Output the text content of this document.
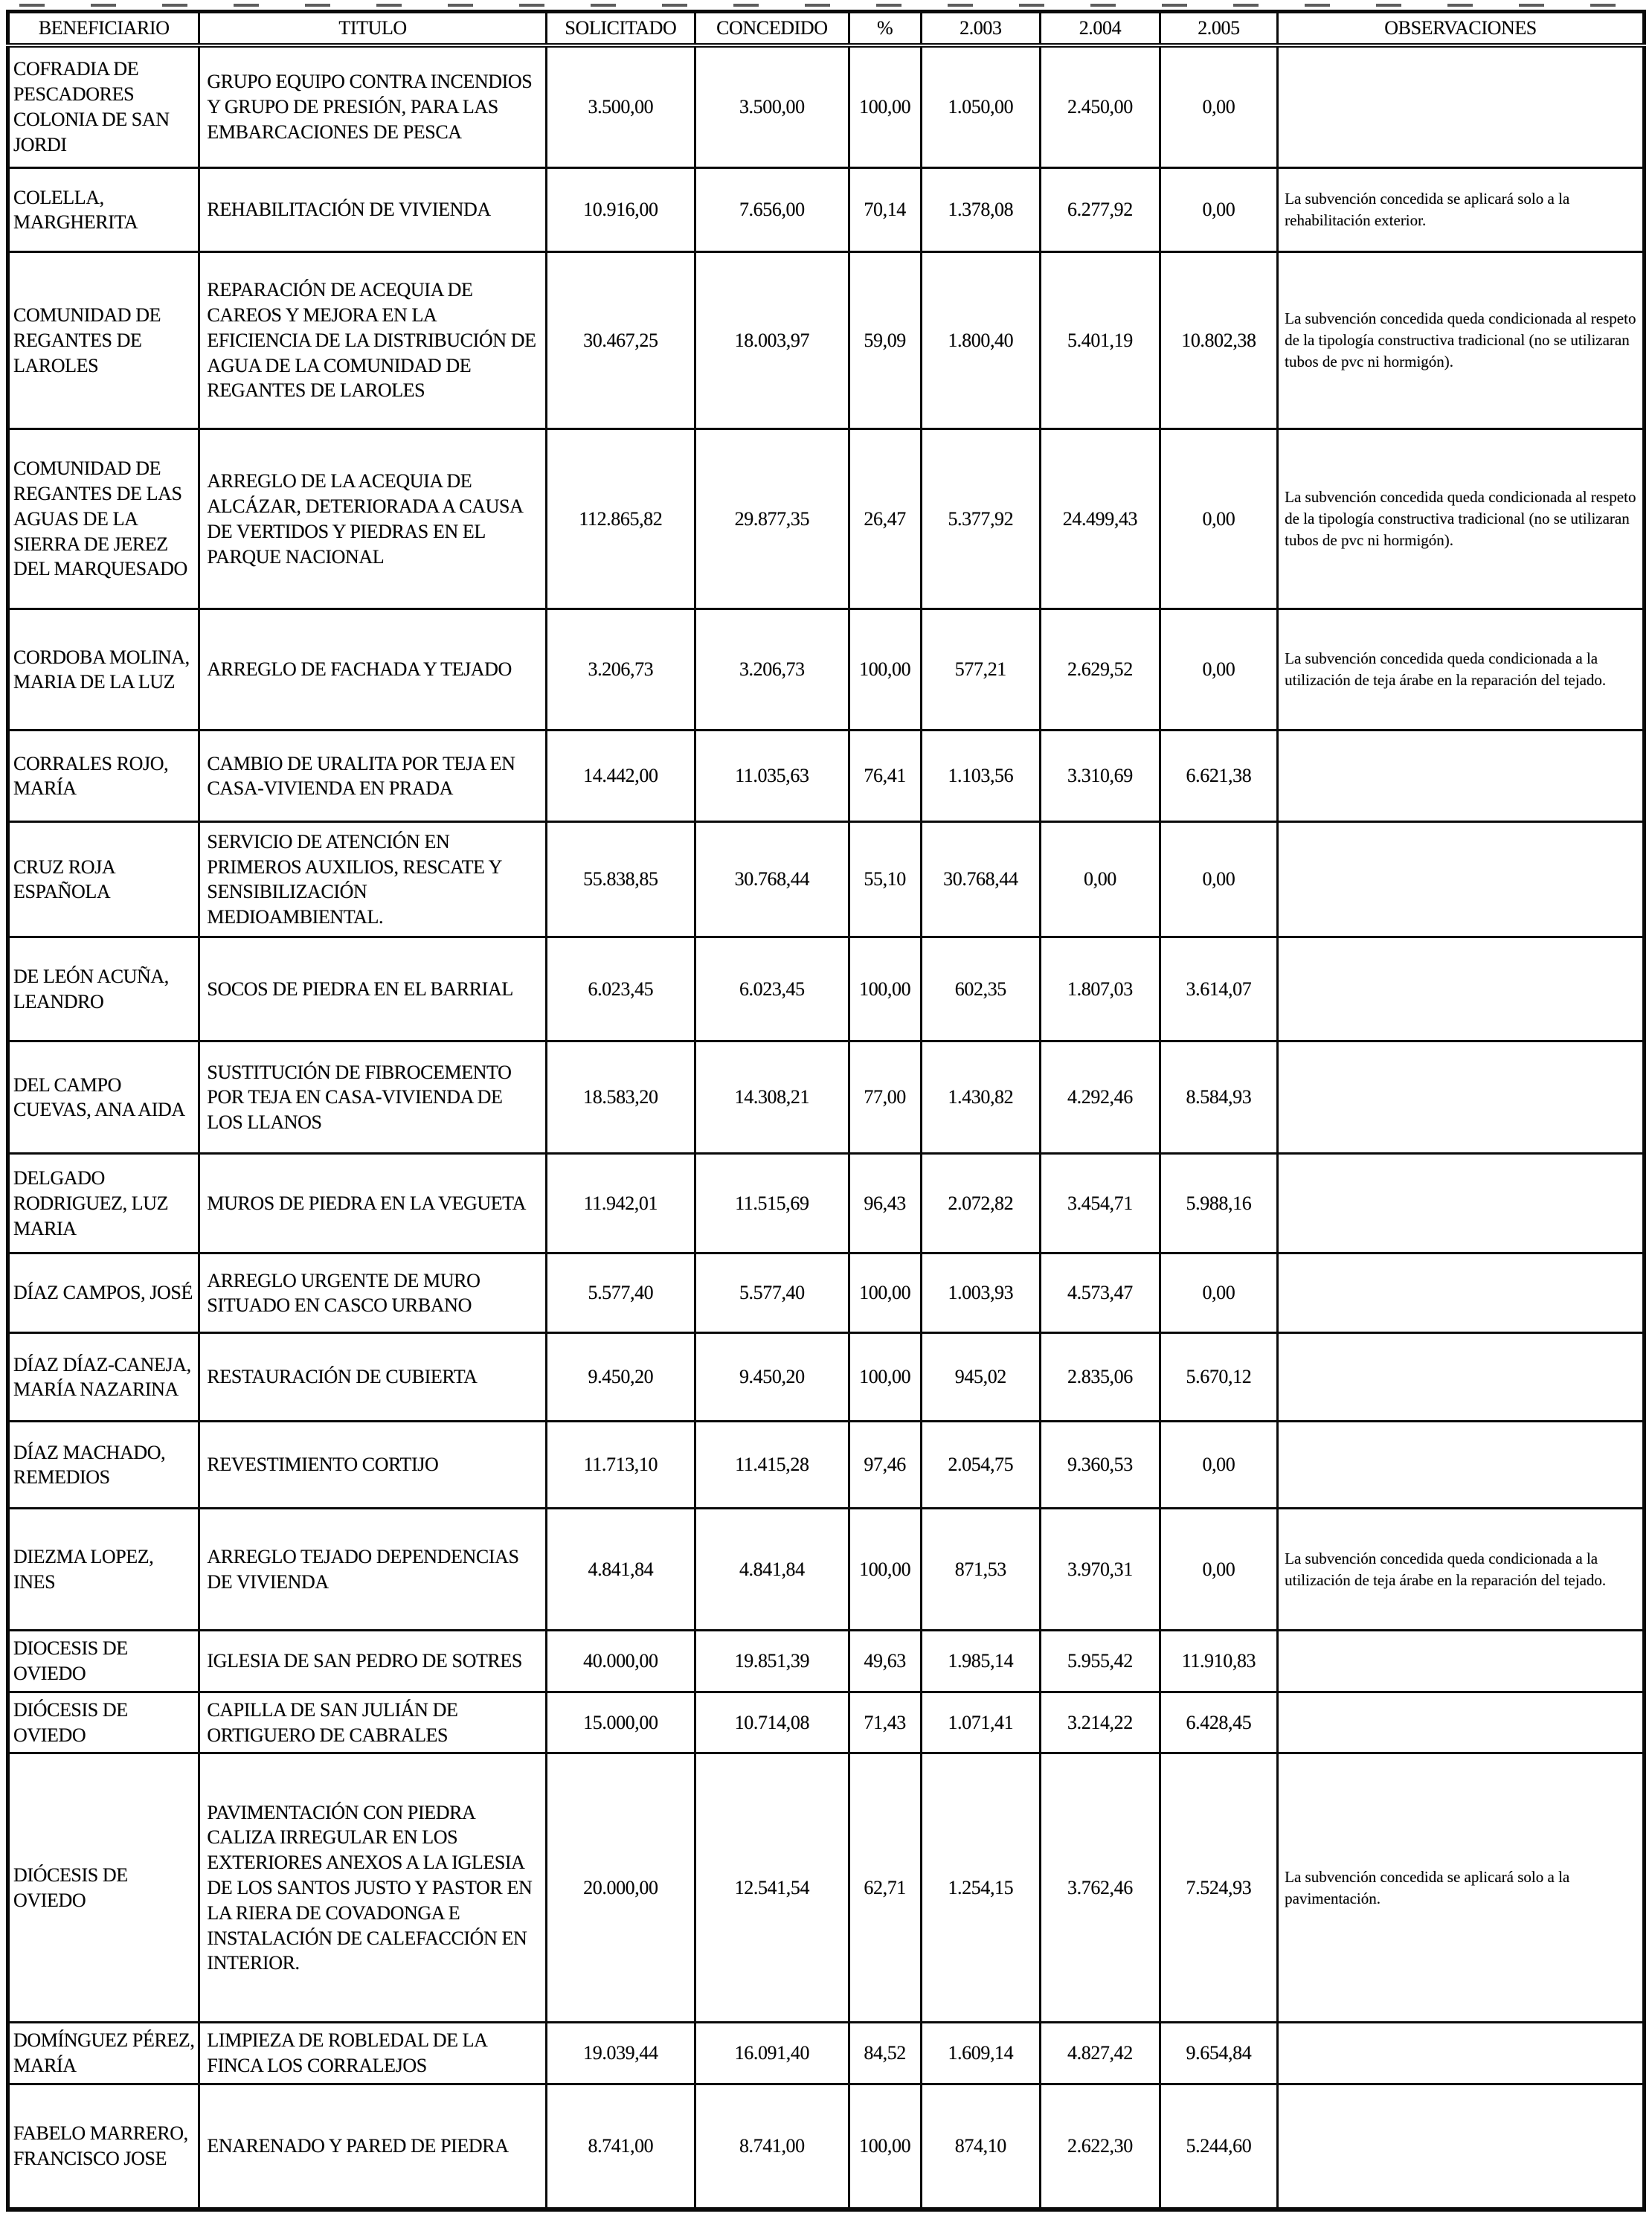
BENEFICIARIO	TITULO	SOLICITADO	CONCEDIDO	%	2.003	2.004	2.005	OBSERVACIONES
COFRADIA DE PESCADORES COLONIA DE SAN JORDI	GRUPO EQUIPO CONTRA INCENDIOS Y GRUPO DE PRESIÓN, PARA LAS EMBARCACIONES DE PESCA	3.500,00	3.500,00	100,00	1.050,00	2.450,00	0,00	
COLELLA, MARGHERITA	REHABILITACIÓN DE VIVIENDA	10.916,00	7.656,00	70,14	1.378,08	6.277,92	0,00	La subvención concedida se aplicará solo a la rehabilitación exterior.
COMUNIDAD DE REGANTES DE LAROLES	REPARACIÓN DE ACEQUIA DE CAREOS Y MEJORA EN LA EFICIENCIA DE LA DISTRIBUCIÓN DE AGUA DE LA COMUNIDAD DE REGANTES DE LAROLES	30.467,25	18.003,97	59,09	1.800,40	5.401,19	10.802,38	La subvención concedida queda condicionada al respeto de la tipología constructiva tradicional (no se utilizaran tubos de pvc ni hormigón).
COMUNIDAD DE REGANTES DE LAS AGUAS DE LA SIERRA DE JEREZ DEL MARQUESADO	ARREGLO DE LA ACEQUIA DE ALCÁZAR, DETERIORADA A CAUSA DE VERTIDOS Y PIEDRAS EN EL PARQUE NACIONAL	112.865,82	29.877,35	26,47	5.377,92	24.499,43	0,00	La subvención concedida queda condicionada al respeto de la tipología constructiva tradicional (no se utilizaran tubos de pvc ni hormigón).
CORDOBA MOLINA, MARIA DE LA LUZ	ARREGLO DE FACHADA Y TEJADO	3.206,73	3.206,73	100,00	577,21	2.629,52	0,00	La subvención concedida queda condicionada a la utilización de teja árabe en la reparación del tejado.
CORRALES ROJO, MARÍA	CAMBIO DE URALITA POR TEJA EN CASA-VIVIENDA EN PRADA	14.442,00	11.035,63	76,41	1.103,56	3.310,69	6.621,38	
CRUZ ROJA ESPAÑOLA	SERVICIO DE ATENCIÓN EN PRIMEROS AUXILIOS, RESCATE Y SENSIBILIZACIÓN MEDIOAMBIENTAL.	55.838,85	30.768,44	55,10	30.768,44	0,00	0,00	
DE LEÓN ACUÑA, LEANDRO	SOCOS DE PIEDRA EN EL BARRIAL	6.023,45	6.023,45	100,00	602,35	1.807,03	3.614,07	
DEL CAMPO CUEVAS, ANA AIDA	SUSTITUCIÓN DE FIBROCEMENTO POR TEJA EN CASA-VIVIENDA DE LOS LLANOS	18.583,20	14.308,21	77,00	1.430,82	4.292,46	8.584,93	
DELGADO RODRIGUEZ, LUZ MARIA	MUROS DE PIEDRA EN LA VEGUETA	11.942,01	11.515,69	96,43	2.072,82	3.454,71	5.988,16	
DÍAZ CAMPOS, JOSÉ	ARREGLO URGENTE DE MURO SITUADO EN CASCO URBANO	5.577,40	5.577,40	100,00	1.003,93	4.573,47	0,00	
DÍAZ DÍAZ-CANEJA, MARÍA NAZARINA	RESTAURACIÓN DE CUBIERTA	9.450,20	9.450,20	100,00	945,02	2.835,06	5.670,12	
DÍAZ MACHADO, REMEDIOS	REVESTIMIENTO CORTIJO	11.713,10	11.415,28	97,46	2.054,75	9.360,53	0,00	
DIEZMA LOPEZ, INES	ARREGLO TEJADO DEPENDENCIAS DE VIVIENDA	4.841,84	4.841,84	100,00	871,53	3.970,31	0,00	La subvención concedida queda condicionada a la utilización de teja árabe en la reparación del tejado.
DIOCESIS DE OVIEDO	IGLESIA DE SAN PEDRO DE SOTRES	40.000,00	19.851,39	49,63	1.985,14	5.955,42	11.910,83	
DIÓCESIS DE OVIEDO	CAPILLA DE SAN JULIÁN DE ORTIGUERO DE CABRALES	15.000,00	10.714,08	71,43	1.071,41	3.214,22	6.428,45	
DIÓCESIS DE OVIEDO	PAVIMENTACIÓN CON PIEDRA CALIZA IRREGULAR EN LOS EXTERIORES ANEXOS A LA IGLESIA DE LOS SANTOS JUSTO Y PASTOR EN LA RIERA DE COVADONGA E INSTALACIÓN DE CALEFACCIÓN EN INTERIOR.	20.000,00	12.541,54	62,71	1.254,15	3.762,46	7.524,93	La subvención concedida se aplicará solo a la pavimentación.
DOMÍNGUEZ PÉREZ, MARÍA	LIMPIEZA DE ROBLEDAL DE LA FINCA LOS CORRALEJOS	19.039,44	16.091,40	84,52	1.609,14	4.827,42	9.654,84	
FABELO MARRERO, FRANCISCO JOSE	ENARENADO Y PARED DE PIEDRA	8.741,00	8.741,00	100,00	874,10	2.622,30	5.244,60	
